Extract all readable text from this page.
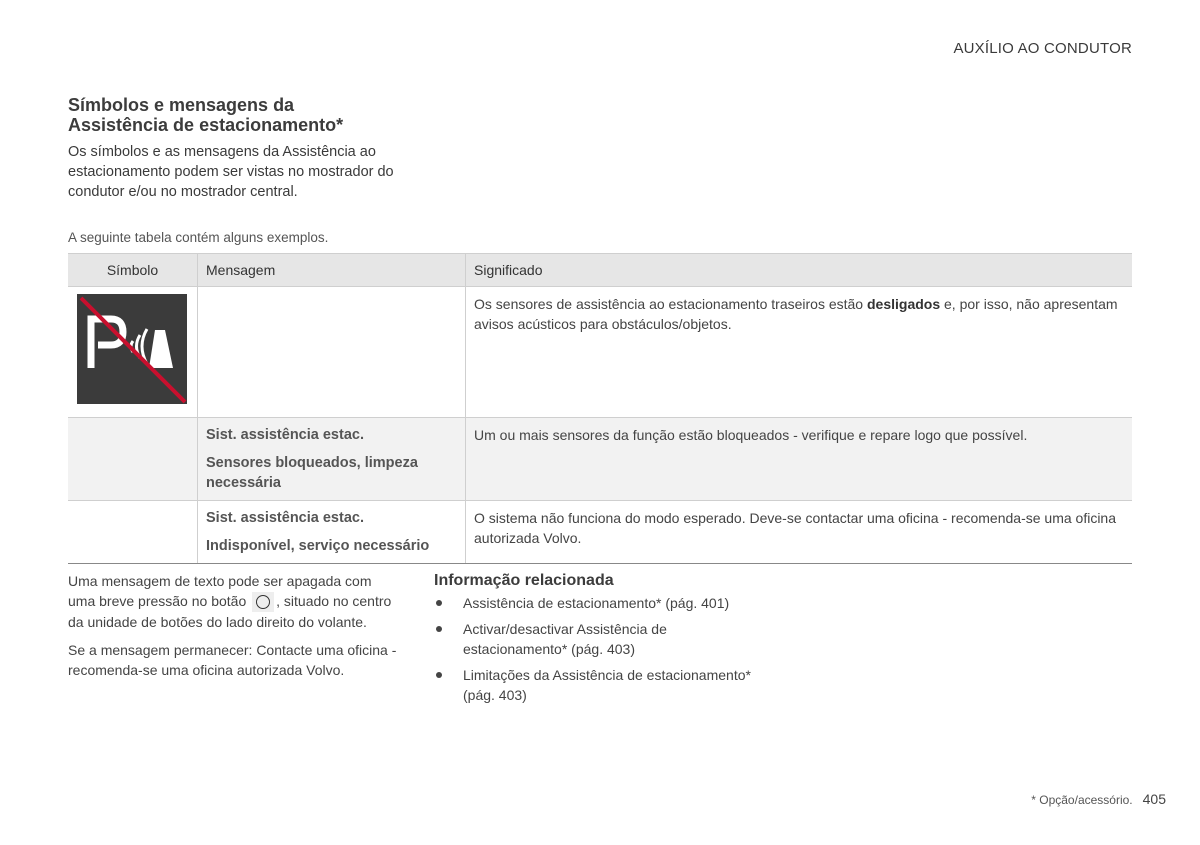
AUXÍLIO AO CONDUTOR
Símbolos e mensagens da
Assistência de estacionamento*

Os símbolos e as mensagens da Assistência ao estacionamento podem ser vistas no mostrador do condutor e/ou no mostrador central.

A seguinte tabela contém alguns exemplos.
Símbolo	Mensagem	Significado

		Os sensores de assistência ao estacionamento traseiros estão desligados e, por isso, não apresentam avisos acústicos para obstáculos/objetos.

	Sist. assistência estac.
Sensores bloqueados, limpeza necessária	Um ou mais sensores da função estão bloqueados - verifique e repare logo que possível.

	Sist. assistência estac.
Indisponível, serviço necessário	O sistema não funciona do modo esperado. Deve-se contactar uma oficina - recomenda-se uma oficina autorizada Volvo.

Uma mensagem de texto pode ser apagada com uma breve pressão no botão
, situado no centro da unidade de botões do lado direito do volante.

Se a mensagem permanecer: Contacte uma oficina - recomenda-se uma oficina autorizada Volvo.

Informação relacionada
Assistência de estacionamento* (pág. 401)
Activar/desactivar Assistência de estacionamento* (pág. 403)
Limitações da Assistência de estacionamento* (pág. 403)
* Opção/acessório. 405
